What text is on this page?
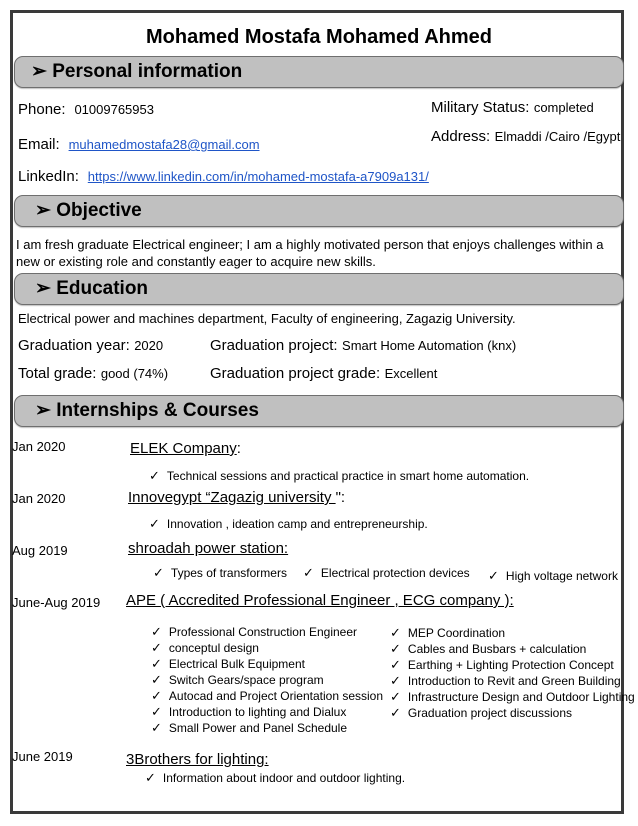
Mohamed Mostafa Mohamed Ahmed
➢ Personal information
Phone: 01009765953
Email: muhamedmostafa28@gmail.com
LinkedIn: https://www.linkedin.com/in/mohamed-mostafa-a7909a131/
Military Status: completed
Address: Elmaddi /Cairo /Egypt
➢ Objective
I am fresh graduate Electrical engineer; I am a highly motivated person that enjoys challenges within a new or existing role and constantly eager to acquire new skills.
➢ Education
Electrical power and machines department, Faculty of engineering, Zagazig University.
Graduation year: 2020	Graduation project: Smart Home Automation (knx)
Total grade: good (74%)	Graduation project grade: Excellent
➢ Internships & Courses
Jan 2020	ELEK Company:
✓ Technical sessions and practical practice in smart home automation.
Jan 2020	Innovegypt “Zagazig university ":
✓ Innovation , ideation camp and entrepreneurship.
Aug 2019	shroadah power station:
✓ Types of transformers ✓ Electrical protection devices ✓ High voltage network
June-Aug 2019 APE ( Accredited Professional Engineer , ECG company ):
✓ Professional Construction Engineer
✓ conceptul design
✓ Electrical Bulk Equipment
✓ Switch Gears/space program
✓ Autocad and Project Orientation session
✓ Introduction to lighting and Dialux
✓ Small Power and Panel Schedule
✓ MEP Coordination
✓ Cables and Busbars + calculation
✓ Earthing + Lighting Protection Concept
✓ Introduction to Revit and Green Building
✓ Infrastructure Design and Outdoor Lighting
✓ Graduation project discussions
June 2019	3Brothers for lighting:
✓ Information about indoor and outdoor lighting.
